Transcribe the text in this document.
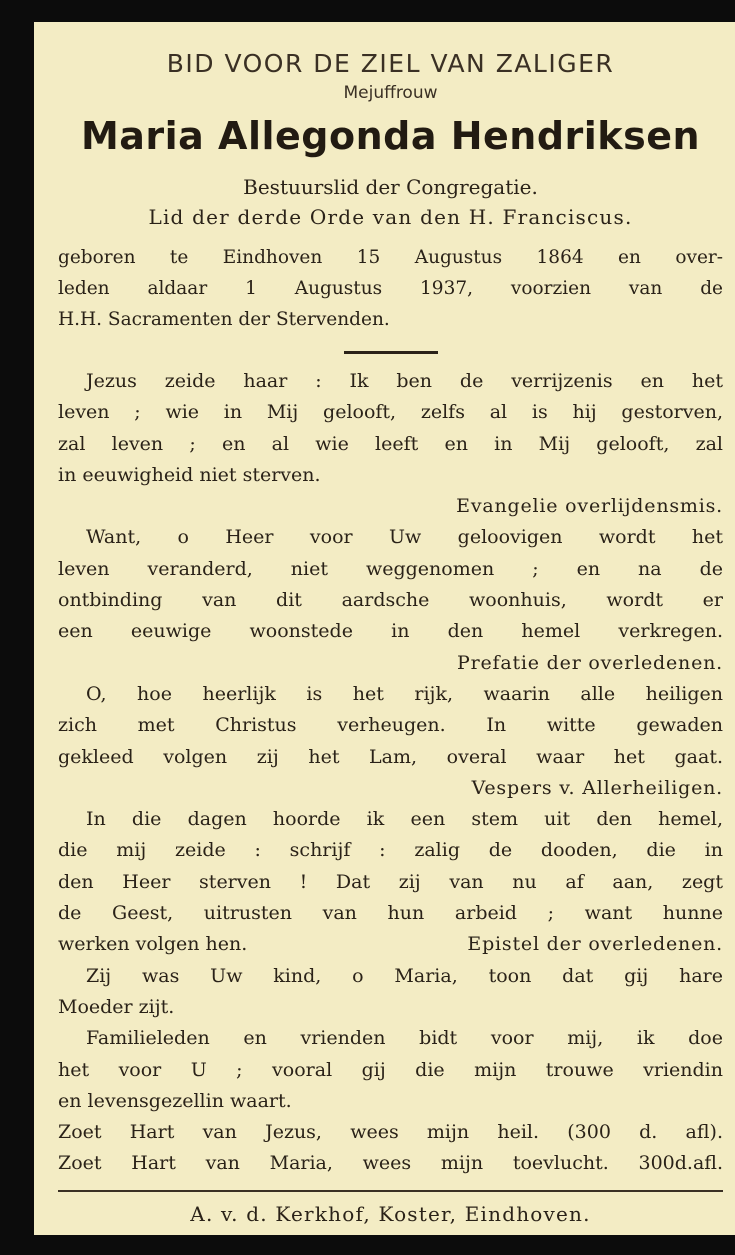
BID VOOR DE ZIEL VAN ZALIGER

Mejuffrouw

Maria Allegonda Hendriksen

Bestuurslid der Congregatie.
Lid der derde Orde van den H. Franciscus.
geboren te Eindhoven 15 Augustus 1864 en over-
leden aldaar 1 Augustus 1937, voorzien van de
H.H. Sacramenten der Stervenden.
Jezus zeide haar : Ik ben de verrijzenis en het
leven ; wie in Mij gelooft, zelfs al is hij gestorven,
zal leven ; en al wie leeft en in Mij gelooft, zal
in eeuwigheid niet sterven.

Evangelie overlijdensmis.

Want, o Heer voor Uw geloovigen wordt het
leven veranderd, niet weggenomen ; en na de
ontbinding van dit aardsche woonhuis, wordt er
een eeuwige woonstede in den hemel verkregen.

Prefatie der overledenen.

O, hoe heerlijk is het rijk, waarin alle heiligen
zich met Christus verheugen. In witte gewaden
gekleed volgen zij het Lam, overal waar het gaat.

Vespers v. Allerheiligen.

In die dagen hoorde ik een stem uit den hemel,
die mij zeide : schrijf : zalig de dooden, die in
den Heer sterven ! Dat zij van nu af aan, zegt
de Geest, uitrusten van hun arbeid ; want hunne
werken volgen hen.	Epistel der overledenen.
Zij was Uw kind, o Maria, toon dat gij hare
Moeder zijt.
Familieleden en vrienden bidt voor mij, ik doe
het voor U ; vooral gij die mijn trouwe vriendin
en levensgezellin waart.
Zoet Hart van Jezus, wees mijn heil. (300 d. afl).
Zoet Hart van Maria, wees mijn toevlucht. 300d.afl.

A. v. d. Kerkhof, Koster, Eindhoven.
